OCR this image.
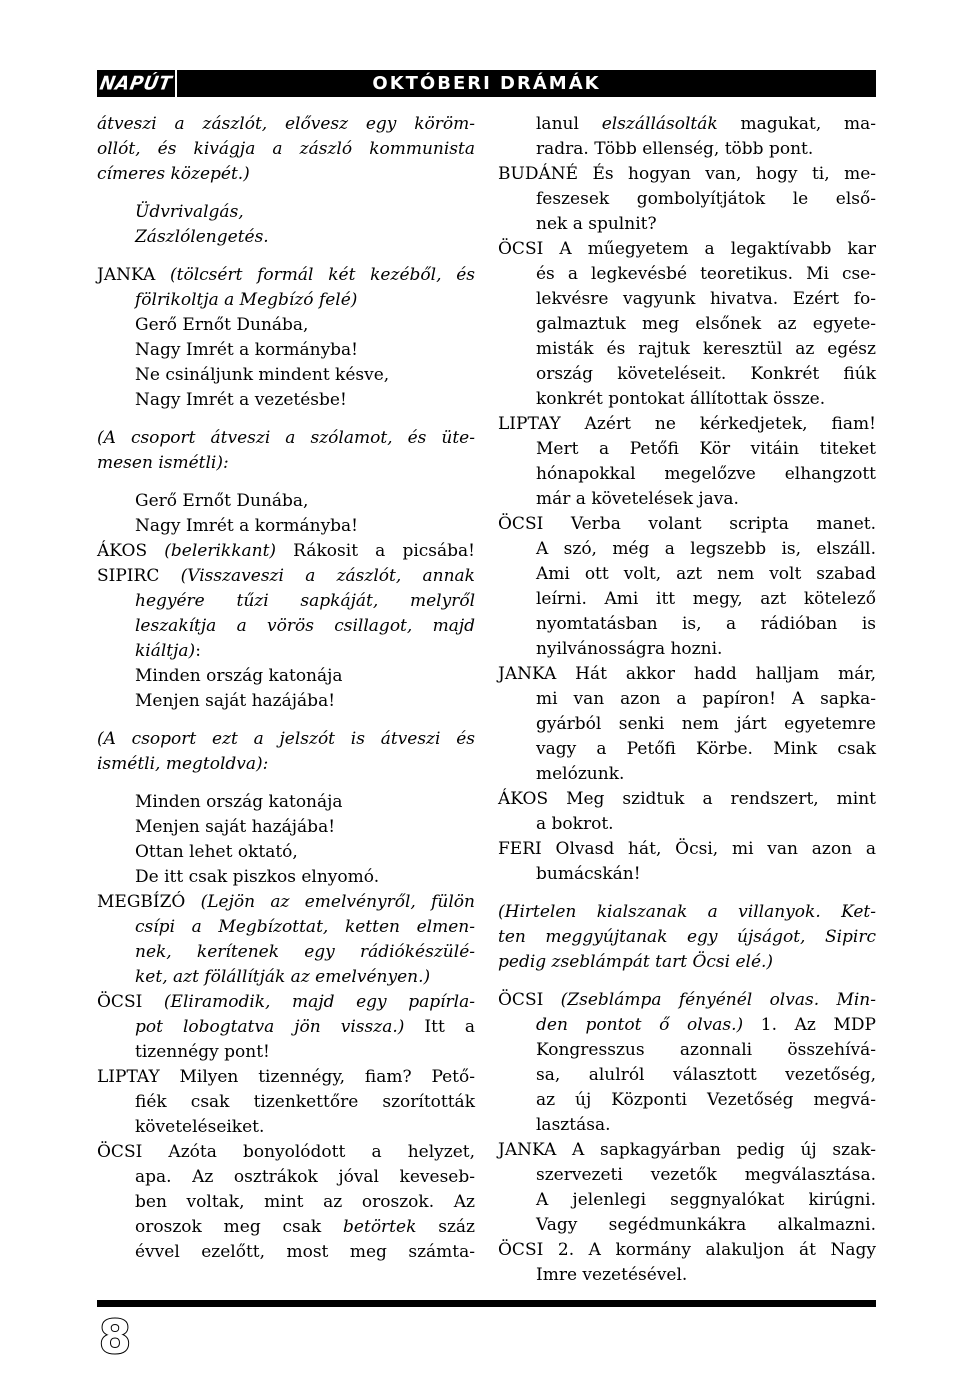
NAPÚT	OKTÓBERI DRÁMÁK
átveszi a zászlót, elővesz egy köröm-
ollót, és kivágja a zászló kommunista
címeres közepét.)
Üdvrivalgás,
Zászlólengetés.
JANKA (tölcsért formál két kezéből, és
fölrikoltja a Megbízó felé)
Gerő Ernőt Dunába,
Nagy Imrét a kormányba!
Ne csináljunk mindent késve,
Nagy Imrét a vezetésbe!
(A csoport átveszi a szólamot, és üte-
mesen ismétli):
Gerő Ernőt Dunába,
Nagy Imrét a kormányba!
ÁKOS (belerikkant) Rákosit a picsába!
SIPIRC (Visszaveszi a zászlót, annak
hegyére tűzi sapkáját, melyről
leszakítja a vörös csillagot, majd
kiáltja):
Minden ország katonája
Menjen saját hazájába!
(A csoport ezt a jelszót is átveszi és
ismétli, megtoldva):
Minden ország katonája
Menjen saját hazájába!
Ottan lehet oktató,
De itt csak piszkos elnyomó.
MEGBÍZÓ (Lejön az emelvényről, fülön
csípi a Megbízottat, ketten elmen-
nek, kerítenek egy rádiókészülé-
ket, azt fölállítják az emelvényen.)
ÖCSI (Eliramodik, majd egy papírla-
pot lobogtatva jön vissza.) Itt a
tizennégy pont!
LIPTAY Milyen tizennégy, fiam? Pető-
fiék csak tizenkettőre szorították
követeléseiket.
ÖCSI Azóta bonyolódott a helyzet,
apa. Az osztrákok jóval keveseb-
ben voltak, mint az oroszok. Az
oroszok meg csak betörtek száz
évvel ezelőtt, most meg számta-
lanul elszállásolták magukat, ma-
radra. Több ellenség, több pont.
BUDÁNÉ És hogyan van, hogy ti, me-
feszesek gombolyítjátok le első-
nek a spulnit?
ÖCSI A műegyetem a legaktívabb kar
és a legkevésbé teoretikus. Mi cse-
lekvésre vagyunk hivatva. Ezért fo-
galmaztuk meg elsőnek az egyete-
misták és rajtuk keresztül az egész
ország követeléseit. Konkrét fiúk
konkrét pontokat állítottak össze.
LIPTAY Azért ne kérkedjetek, fiam!
Mert a Petőfi Kör vitáin titeket
hónapokkal megelőzve elhangzott
már a követelések java.
ÖCSI Verba volant scripta manet.
A szó, még a legszebb is, elszáll.
Ami ott volt, azt nem volt szabad
leírni. Ami itt megy, azt kötelező
nyomtatásban is, a rádióban is
nyilvánosságra hozni.
JANKA Hát akkor hadd halljam már,
mi van azon a papíron! A sapka-
gyárból senki nem járt egyetemre
vagy a Petőfi Körbe. Mink csak
melózunk.
ÁKOS Meg szidtuk a rendszert, mint
a bokrot.
FERI Olvasd hát, Öcsi, mi van azon a
bumácskán!
(Hirtelen kialszanak a villanyok. Ket-
ten meggyújtanak egy újságot, Sipirc
pedig zseblámpát tart Öcsi elé.)
ÖCSI (Zseblámpa fényénél olvas. Min-
den pontot ő olvas.) 1. Az MDP
Kongresszus azonnali összehívá-
sa, alulról választott vezetőség,
az új Központi Vezetőség megvá-
lasztása.
JANKA A sapkagyárban pedig új szak-
szervezeti vezetők megválasztása.
A jelenlegi seggnyalókat kirúgni.
Vagy segédmunkákra alkalmazni.
ÖCSI 2. A kormány alakuljon át Nagy
Imre vezetésével.
8
